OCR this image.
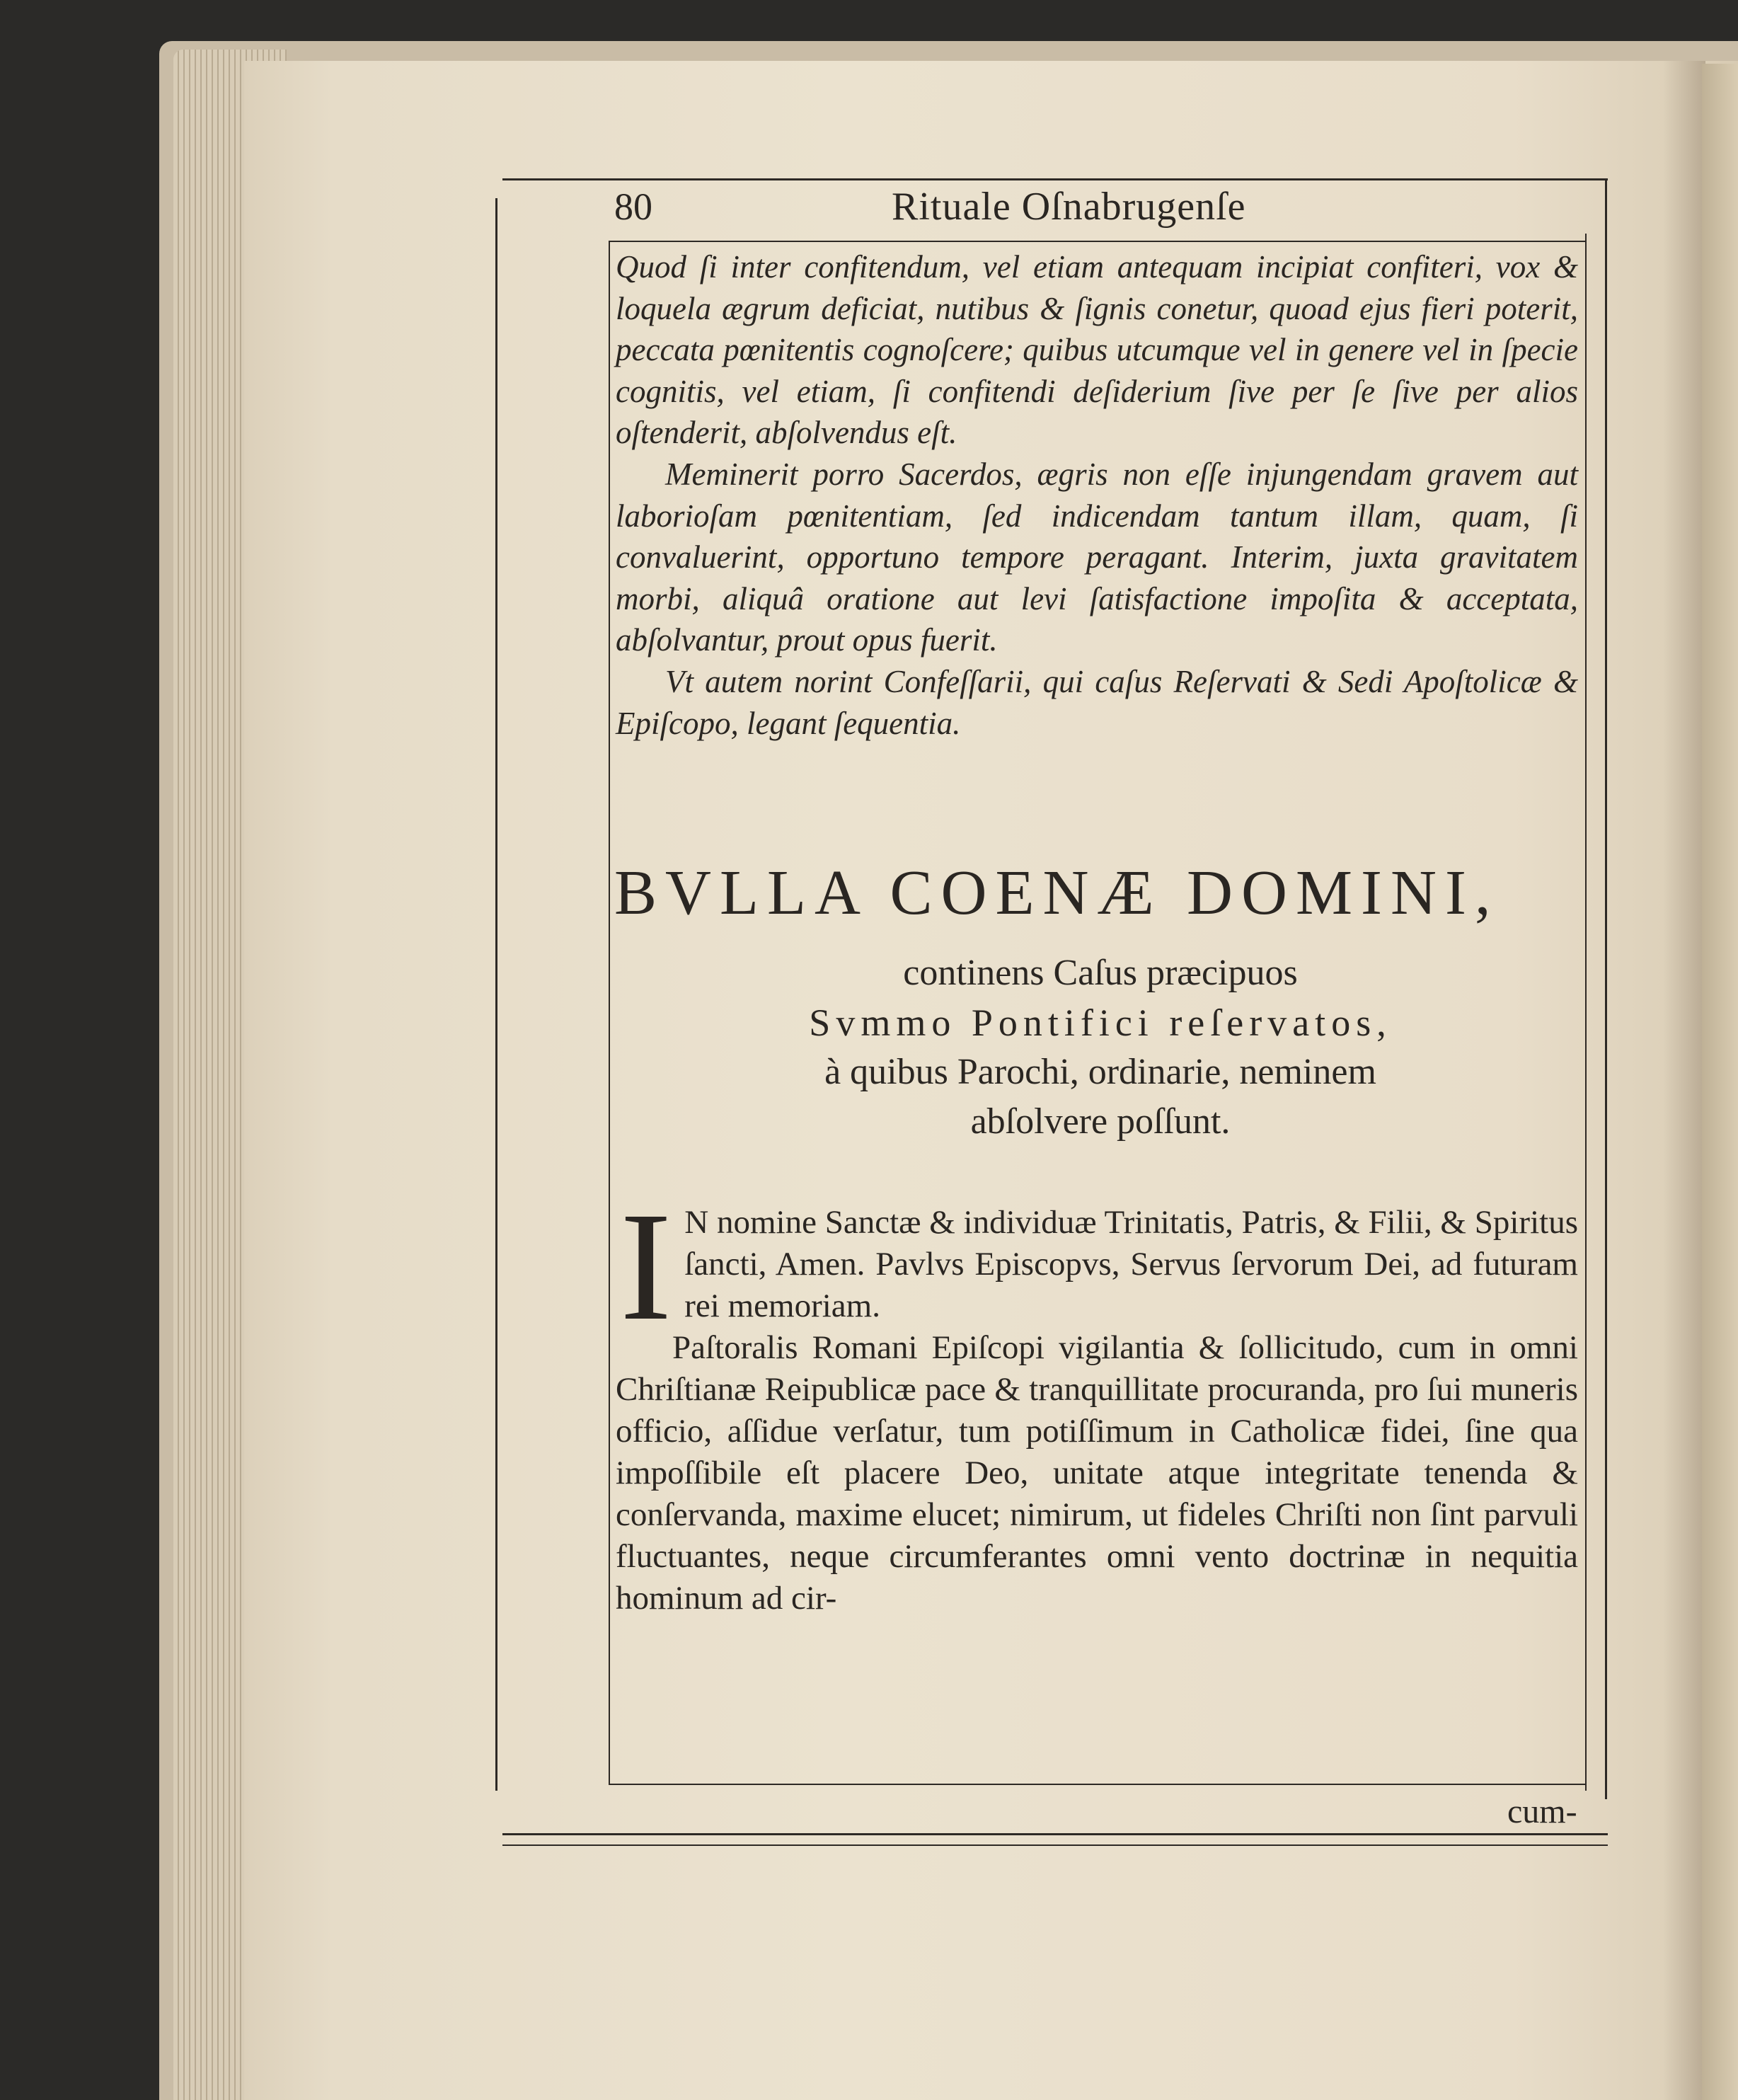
80	Rituale Oſnabrugenſe

Quod ſi inter confitendum, vel etiam antequam incipiat confiteri, vox & loquela ægrum deficiat, nutibus & ſignis conetur, quoad ejus fieri poterit, peccata pœnitentis cognoſcere; quibus utcumque vel in genere vel in ſpecie cognitis, vel etiam, ſi confitendi deſiderium ſive per ſe ſive per alios oſtenderit, abſolvendus eſt.

Meminerit porro Sacerdos, ægris non eſſe injungendam gravem aut laborioſam pœnitentiam, ſed indicendam tantum illam, quam, ſi convaluerint, opportuno tempore peragant. Interim, juxta gravitatem morbi, aliquâ oratione aut levi ſatisfactione impoſita & acceptata, abſolvantur, prout opus fuerit.

Vt autem norint Confeſſarii, qui caſus Reſervati & Sedi Apoſtolicæ & Epiſcopo, legant ſequentia.

BVLLA COENÆ DOMINI,
continens Caſus præcipuos
Svmmo Pontifici reſervatos,
à quibus Parochi, ordinarie, neminem
abſolvere poſſunt.

I N nomine Sanctæ & individuæ Trinitatis, Patris, & Filii, & Spiritus ſancti, Amen. Pavlvs Episcopvs, Servus ſervorum Dei, ad futuram rei memoriam.

Paſtoralis Romani Epiſcopi vigilantia & ſollicitudo, cum in omni Chriſtianæ Reipublicæ pace & tranquillitate procuranda, pro ſui muneris officio, aſſidue verſatur, tum potiſſimum in Catholicæ fidei, ſine qua impoſſibile eſt placere Deo, unitate atque integritate tenenda & conſervanda, maxime elucet; nimirum, ut fideles Chriſti non ſint parvuli fluctuantes, neque circumferantes omni vento doctrinæ in nequitia hominum ad cir-

cum-
